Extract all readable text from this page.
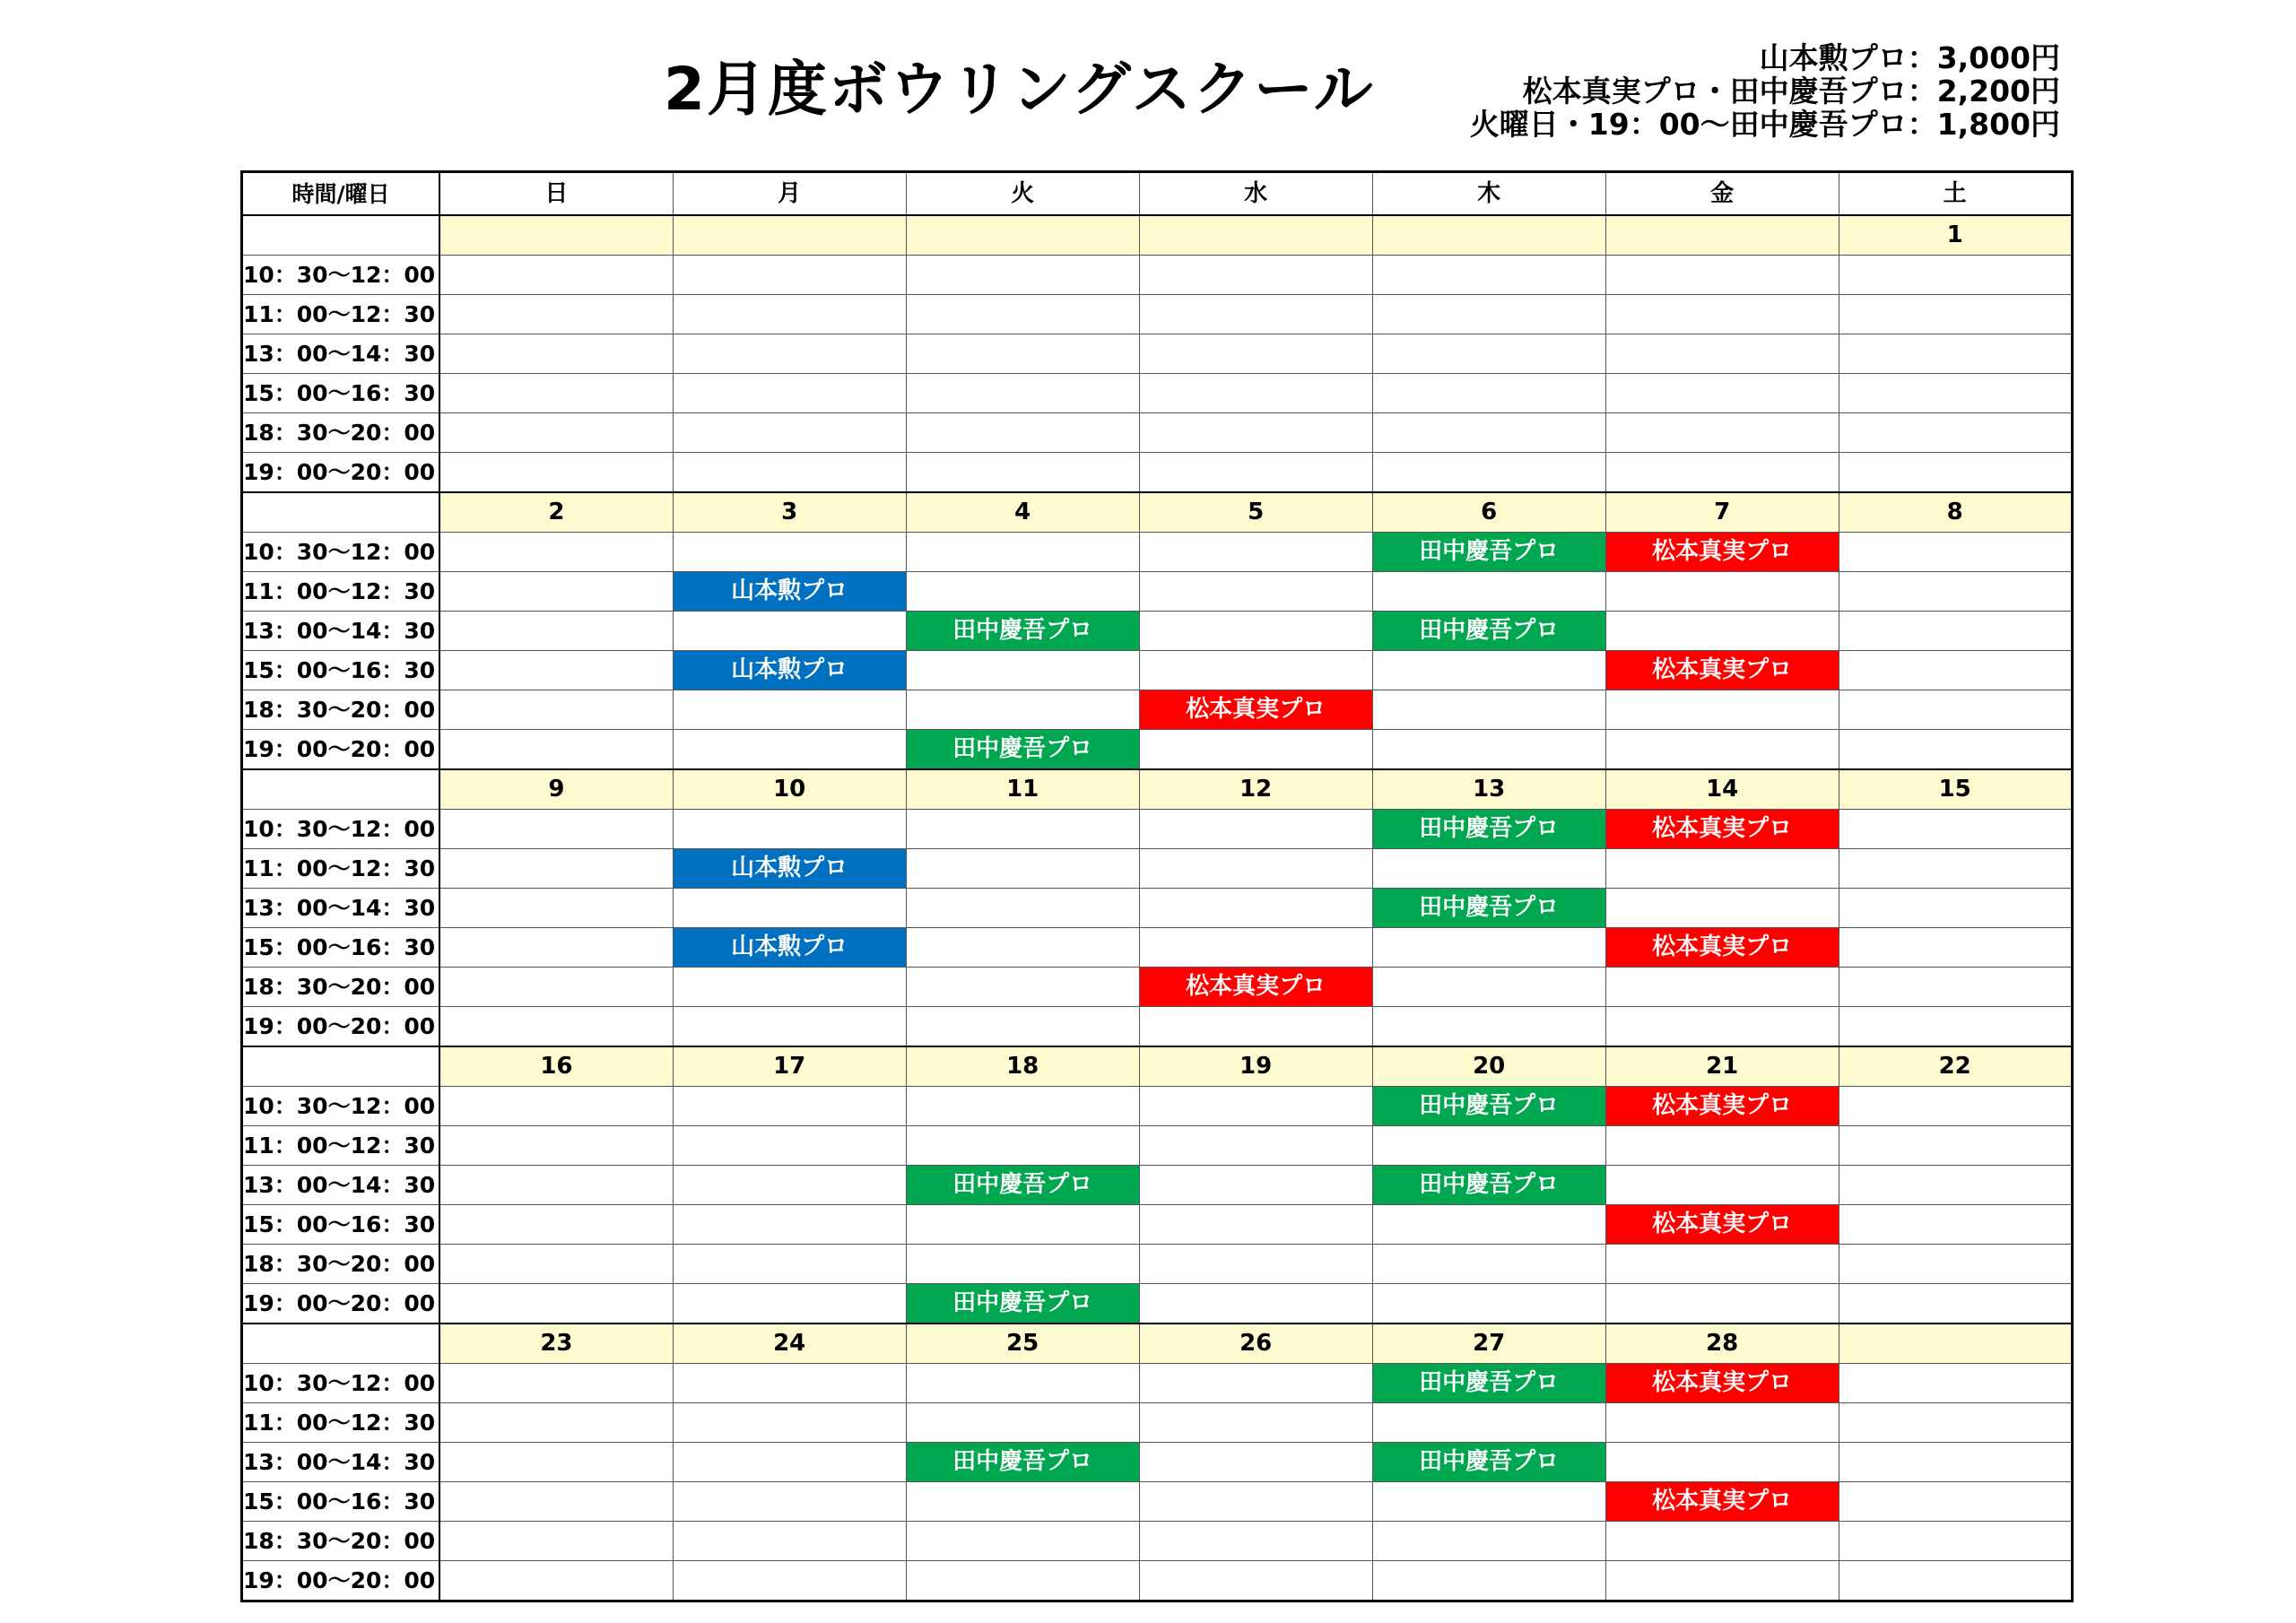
2月度ボウリングスクール	山本勲プロ：3,000円
松本真実プロ・田中慶吾プロ：2,200円
火曜日・19：00～田中慶吾プロ：1,800円
時間/曜日	日	月	火	水	木	金	土
							1
10：30～12：00							
11：00～12：30							
13：00～14：30							
15：00～16：30							
18：30～20：00							
19：00～20：00							
	2	3	4	5	6	7	8
10：30～12：00					田中慶吾プロ	松本真実プロ	
11：00～12：30		山本勲プロ					
13：00～14：30			田中慶吾プロ		田中慶吾プロ		
15：00～16：30		山本勲プロ				松本真実プロ	
18：30～20：00				松本真実プロ			
19：00～20：00			田中慶吾プロ				
	9	10	11	12	13	14	15
10：30～12：00					田中慶吾プロ	松本真実プロ	
11：00～12：30		山本勲プロ					
13：00～14：30					田中慶吾プロ		
15：00～16：30		山本勲プロ				松本真実プロ	
18：30～20：00				松本真実プロ			
19：00～20：00							
	16	17	18	19	20	21	22
10：30～12：00					田中慶吾プロ	松本真実プロ	
11：00～12：30							
13：00～14：30			田中慶吾プロ		田中慶吾プロ		
15：00～16：30						松本真実プロ	
18：30～20：00							
19：00～20：00			田中慶吾プロ				
	23	24	25	26	27	28	
10：30～12：00					田中慶吾プロ	松本真実プロ	
11：00～12：30							
13：00～14：30			田中慶吾プロ		田中慶吾プロ		
15：00～16：30						松本真実プロ	
18：30～20：00							
19：00～20：00							
